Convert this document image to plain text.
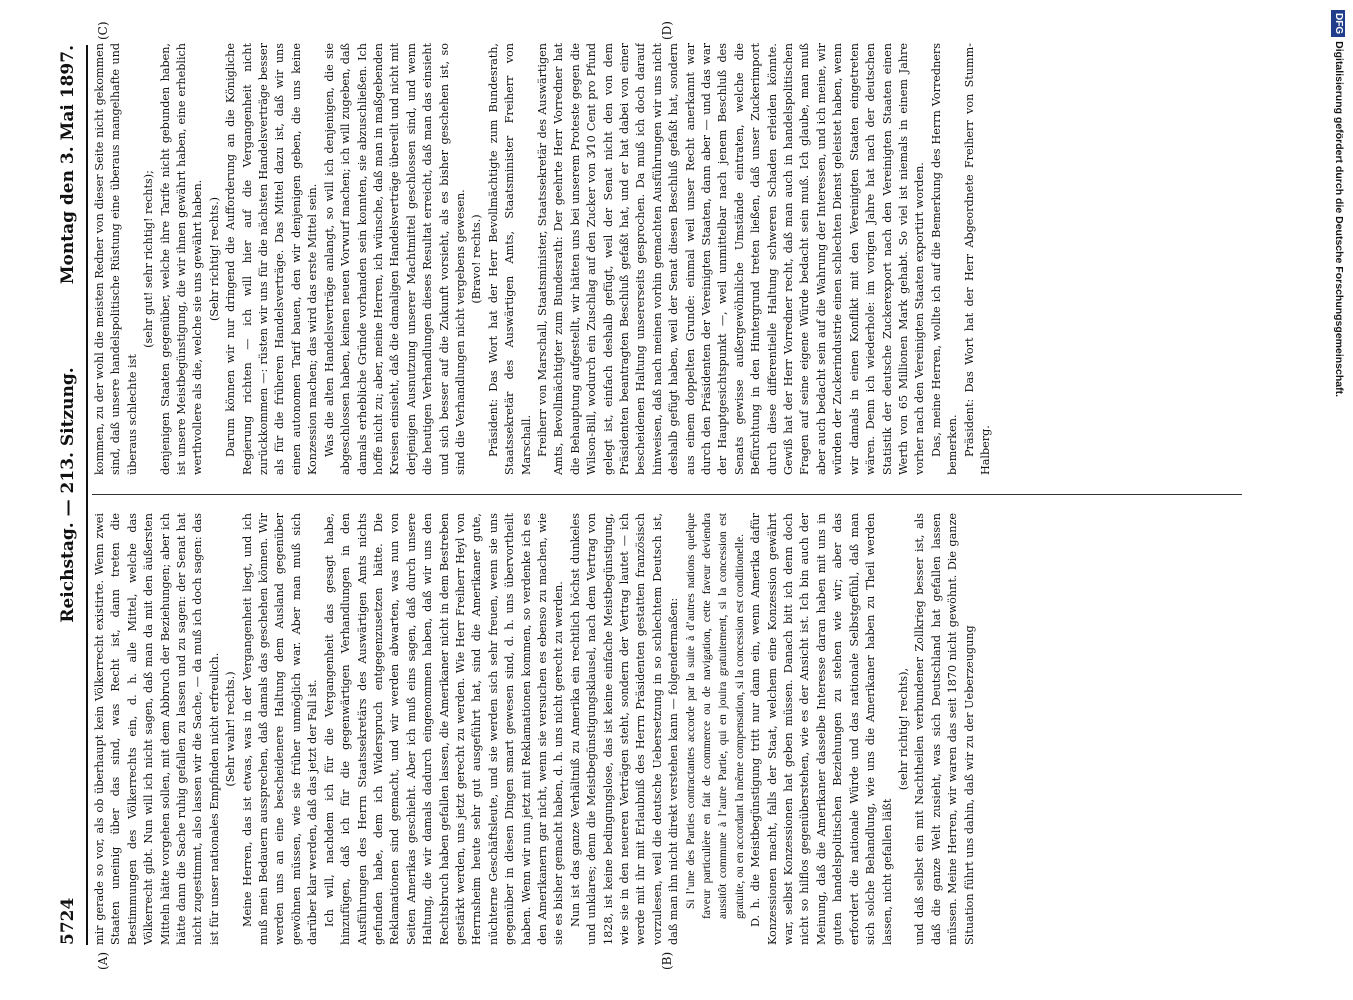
5724
Reichstag. — 213. Sitzung.
Montag den 3. Mai 1897.
(A)	(B)
(C)	(D)

mir gerade so vor, als ob überhaupt kein Völkerrecht existirte. Wenn zwei Staaten uneinig über das sind, was Recht ist, dann treten die Bestimmungen des Völkerrechts ein, d. h. alle Mittel, welche das Völkerrecht gibt. Nun will ich nicht sagen, daß man da mit den äußersten Mitteln hätte vorgehen sollen, mit dem Abbruch der Beziehungen; aber ich hätte dann die Sache ruhig gefallen zu lassen und zu sagen: der Senat hat nicht zugestimmt, also lassen wir die Sache, — da muß ich doch sagen: das ist für unser nationales Empfinden nicht erfreulich. (Sehr wahr! rechts.) Meine Herren, das ist etwas, was in der Vergangenheit liegt, und ich muß mein Bedauern aussprechen, daß damals das geschehen können. Wir werden uns an eine bescheidenere Haltung dem Ausland gegenüber gewöhnen müssen, wie sie früher unmöglich war. Aber man muß sich darüber klar werden, daß das jetzt der Fall ist. Ich will, nachdem ich für die Vergangenheit das gesagt habe, hinzufügen, daß ich für die gegenwärtigen Verhandlungen in den Ausführungen des Herrn Staatssekretärs des Auswärtigen Amts nichts gefunden habe, dem ich Widerspruch entgegenzusetzen hätte. Die Reklamationen sind gemacht, und wir werden abwarten, was nun von Seiten Amerikas geschieht. Aber ich muß eins sagen, daß durch unsere Haltung, die wir damals dadurch eingenommen haben, daß wir uns den Rechtsbruch haben gefallen lassen, die Amerikaner nicht in dem Bestreben gestärkt werden, uns jetzt gerecht zu werden. Wie Herr Freiherr Heyl von Herrnsheim heute sehr gut ausgeführt hat, sind die Amerikaner gute, nüchterne Geschäftsleute, und sie werden sich sehr freuen, wenn sie uns gegenüber in diesen Dingen smart gewesen sind, d. h. uns übervortheilt haben. Wenn wir nun jetzt mit Reklamationen kommen, so verdenke ich es den Amerikanern gar nicht, wenn sie versuchen es ebenso zu machen, wie sie es bisher gemacht haben, d. h. uns nicht gerecht zu werden. Nun ist das ganze Verhältniß zu Amerika ein rechtlich höchst dunkeles und unklares; denn die Meistbegünstigungsklausel, nach dem Vertrag von 1828, ist keine bedingungslose, das ist keine einfache Meistbegünstigung, wie sie in den neueren Verträgen steht, sondern der Vertrag lautet — ich werde mit ihr mit Erlaubniß des Herrn Präsidenten gestatten französisch vorzulesen, weil die deutsche Uebersetzung in so schlechtem Deutsch ist, daß man ihn nicht direkt verstehen kann — folgendermaßen: Si l’une des Parties contractantes accorde par la suite à d’autres nations quelque faveur particulière en fait de commerce ou de navigation, cette faveur deviendra aussitôt commune à l’autre Partie, qui en jouira gratuitement, si la concession est gratuite, ou en accordant la même compensation, si la concession est conditionelle. D. h. die Meistbegünstigung tritt nur dann ein, wenn Amerika dafür Konzessionen macht, falls der Staat, welchem eine Konzession gewährt war, selbst Konzessionen hat geben müssen. Danach bitt ich denn doch nicht so hilflos gegenüberstehen, wie es der Ansicht ist. Ich bin auch der Meinung, daß die Amerikaner dasselbe Interesse daran haben mit uns in guten handelspolitischen Beziehungen zu stehen wie wir; aber das erfordert die nationale Würde und das nationale Selbstgefühl, daß man sich solche Behandlung, wie uns die Amerikaner haben zu Theil werden lassen, nicht gefallen läßt

(sehr richtig! rechts), und daß selbst ein mit Nachtheilen verbundener Zollkrieg besser ist, als daß die ganze Welt zusieht, was sich Deutschland hat gefallen lassen müssen. Meine Herren, wir waren das seit 1870 nicht gewöhnt. Die ganze Situation führt uns dahin, daß wir zu der Ueberzeugung

kommen, zu der wohl die meisten Redner von dieser Seite nicht gekommen sind, daß unsere handelspolitische Rüstung eine überaus mangelhafte und überaus schlechte ist

(sehr gut! sehr richtig! rechts); denjenigen Staaten gegenüber, welche ihre Tarife nicht gebunden haben, ist unsere Meistbegünstigung, die wir ihnen gewährt haben, eine erheblich werthvollere als die, welche sie uns gewährt haben. (Sehr richtig! rechts.) Darum können wir nur dringend die Aufforderung an die Königliche Regierung richten — ich will hier auf die Vergangenheit nicht zurückkommen —: rüsten wir uns für die nächsten Handelsverträge besser als für die früheren Handelsverträge. Das Mittel dazu ist, daß wir uns einen autonomen Tarif bauen, den wir denjenigen geben, die uns keine Konzession machen; das wird das erste Mittel sein. Was die alten Handelsverträge anlangt, so will ich denjenigen, die sie abgeschlossen haben, keinen neuen Vorwurf machen; ich will zugeben, daß damals erhebliche Gründe vorhanden sein konnten, sie abzuschließen. Ich hoffe nicht zu; aber, meine Herren, ich wünsche, daß man in maßgebenden Kreisen einsieht, daß die damaligen Handelsverträge übereilt und nicht mit derjenigen Ausnutzung unserer Machtmittel geschlossen sind, und wenn die heutigen Verhandlungen dieses Resultat erreicht, daß man das einsieht und sich besser auf die Zukunft vorsieht, als es bisher geschehen ist, so sind die Verhandlungen nicht vergebens gewesen. (Bravo! rechts.) Präsident: Das Wort hat der Herr Bevollmächtigte zum Bundesrath, Staatssekretär des Auswärtigen Amts, Staatsminister Freiherr von Marschall. Freiherr von Marschall, Staatsminister, Staatssekretär des Auswärtigen Amts, Bevollmächtigter zum Bundesrath: Der geehrte Herr Vorredner hat die Behauptung aufgestellt, wir hätten uns bei unserem Proteste gegen die Wilson-Bill, wodurch ein Zuschlag auf den Zucker von 3⁄10 Cent pro Pfund gelegt ist, einfach deshalb gefügt, weil der Senat nicht den von dem Präsidenten beantragten Beschluß gefaßt hat, und er hat dabei von einer bescheidenen Haltung unsererseits gesprochen. Da muß ich doch darauf hinweisen, daß nach meinen vorhin gemachten Ausführungen wir uns nicht deshalb gefügt haben, weil der Senat diesen Beschluß gefaßt hat, sondern aus einem doppelten Grunde: einmal weil unser Recht anerkannt war durch den Präsidenten der Vereinigten Staaten, dann aber — und das war der Hauptgesichtspunkt —, weil unmittelbar nach jenem Beschluß des Senats gewisse außergewöhnliche Umstände eintraten, welche die Befürchtung in den Hintergrund treten ließen, daß unser Zuckerimport durch diese differentielle Haltung schweren Schaden erleiden könnte. Gewiß hat der Herr Vorredner recht, daß man auch in handelspolitischen Fragen auf seine eigene Würde bedacht sein muß. Ich glaube, man muß aber auch bedacht sein auf die Wahrung der Interessen, und ich meine, wir würden der Zuckerindustrie einen schlechten Dienst geleistet haben, wenn wir damals in einen Konflikt mit den Vereinigten Staaten eingetreten wären. Denn ich wiederhole: im vorigen Jahre hat nach der deutschen Statistik der deutsche Zuckerexport nach den Vereinigten Staaten einen Werth von 65 Millionen Mark gehabt. So viel ist niemals in einem Jahre vorher nach den Vereinigten Staaten exportirt worden. Das, meine Herren, wollte ich auf die Bemerkung des Herrn Vorredners bemerken. Präsident: Das Wort hat der Herr Abgeordnete Freiherr von Stumm-Halberg.

DFGDigitalisierung gefördert durch die Deutsche Forschungsgemeinschaft.
